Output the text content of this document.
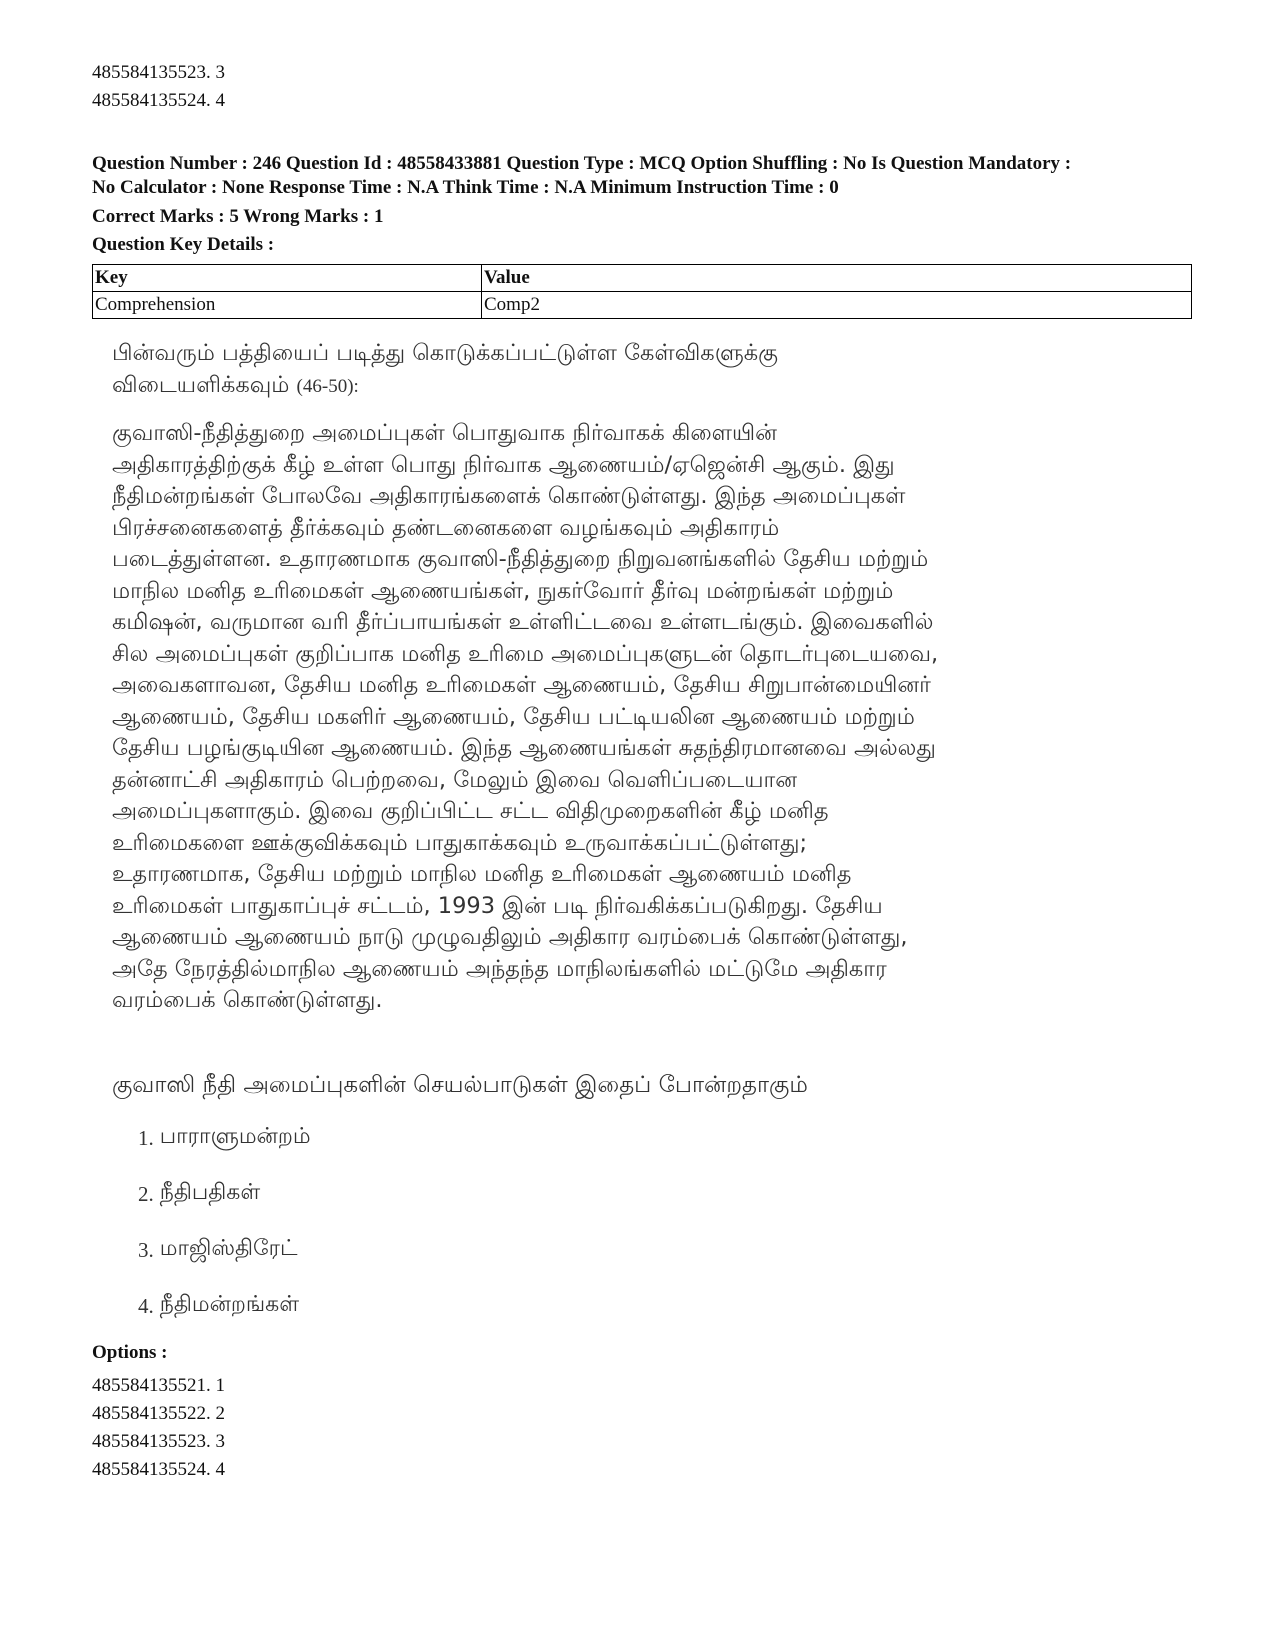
485584135523. 3
485584135524. 4
Question Number : 246 Question Id : 48558433881 Question Type : MCQ Option Shuffling : No Is Question Mandatory :
No Calculator : None Response Time : N.A Think Time : N.A Minimum Instruction Time : 0
Correct Marks : 5 Wrong Marks : 1
Question Key Details :
Key	Value
Comprehension	Comp2

பின்வரும் பத்தியைப் படித்து கொடுக்கப்பட்டுள்ள கேள்விகளுக்கு
விடையளிக்கவும் (46-50):

குவாஸி-நீதித்துறை அமைப்புகள் பொதுவாக நிர்வாகக் கிளையின்
அதிகாரத்திற்குக் கீழ் உள்ள பொது நிர்வாக ஆணையம்/ஏஜென்சி ஆகும். இது
நீதிமன்றங்கள் போலவே அதிகாரங்களைக் கொண்டுள்ளது. இந்த அமைப்புகள்
பிரச்சனைகளைத் தீர்க்கவும் தண்டனைகளை வழங்கவும் அதிகாரம்
படைத்துள்ளன. உதாரணமாக குவாஸி-நீதித்துறை நிறுவனங்களில் தேசிய மற்றும்
மாநில மனித உரிமைகள் ஆணையங்கள், நுகர்வோர் தீர்வு மன்றங்கள் மற்றும்
கமிஷன், வருமான வரி தீர்ப்பாயங்கள் உள்ளிட்டவை உள்ளடங்கும். இவைகளில்
சில அமைப்புகள் குறிப்பாக மனித உரிமை அமைப்புகளுடன் தொடர்புடையவை,
அவைகளாவன, தேசிய மனித உரிமைகள் ஆணையம், தேசிய சிறுபான்மையினர்
ஆணையம், தேசிய மகளிர் ஆணையம், தேசிய பட்டியலின ஆணையம் மற்றும்
தேசிய பழங்குடியின ஆணையம். இந்த ஆணையங்கள் சுதந்திரமானவை அல்லது
தன்னாட்சி அதிகாரம் பெற்றவை, மேலும் இவை வெளிப்படையான
அமைப்புகளாகும். இவை குறிப்பிட்ட சட்ட விதிமுறைகளின் கீழ் மனித
உரிமைகளை ஊக்குவிக்கவும் பாதுகாக்கவும் உருவாக்கப்பட்டுள்ளது;
உதாரணமாக, தேசிய மற்றும் மாநில மனித உரிமைகள் ஆணையம் மனித
உரிமைகள் பாதுகாப்புச் சட்டம், 1993 இன் படி நிர்வகிக்கப்படுகிறது. தேசிய
ஆணையம் ஆணையம் நாடு முழுவதிலும் அதிகார வரம்பைக் கொண்டுள்ளது,
அதே நேரத்தில்மாநில ஆணையம் அந்தந்த மாநிலங்களில் மட்டுமே அதிகார
வரம்பைக் கொண்டுள்ளது.

குவாஸி நீதி அமைப்புகளின் செயல்பாடுகள் இதைப் போன்றதாகும்
1. பாராளுமன்றம்
2. நீதிபதிகள்
3. மாஜிஸ்திரேட்
4. நீதிமன்றங்கள்
Options :
485584135521. 1
485584135522. 2
485584135523. 3
485584135524. 4
